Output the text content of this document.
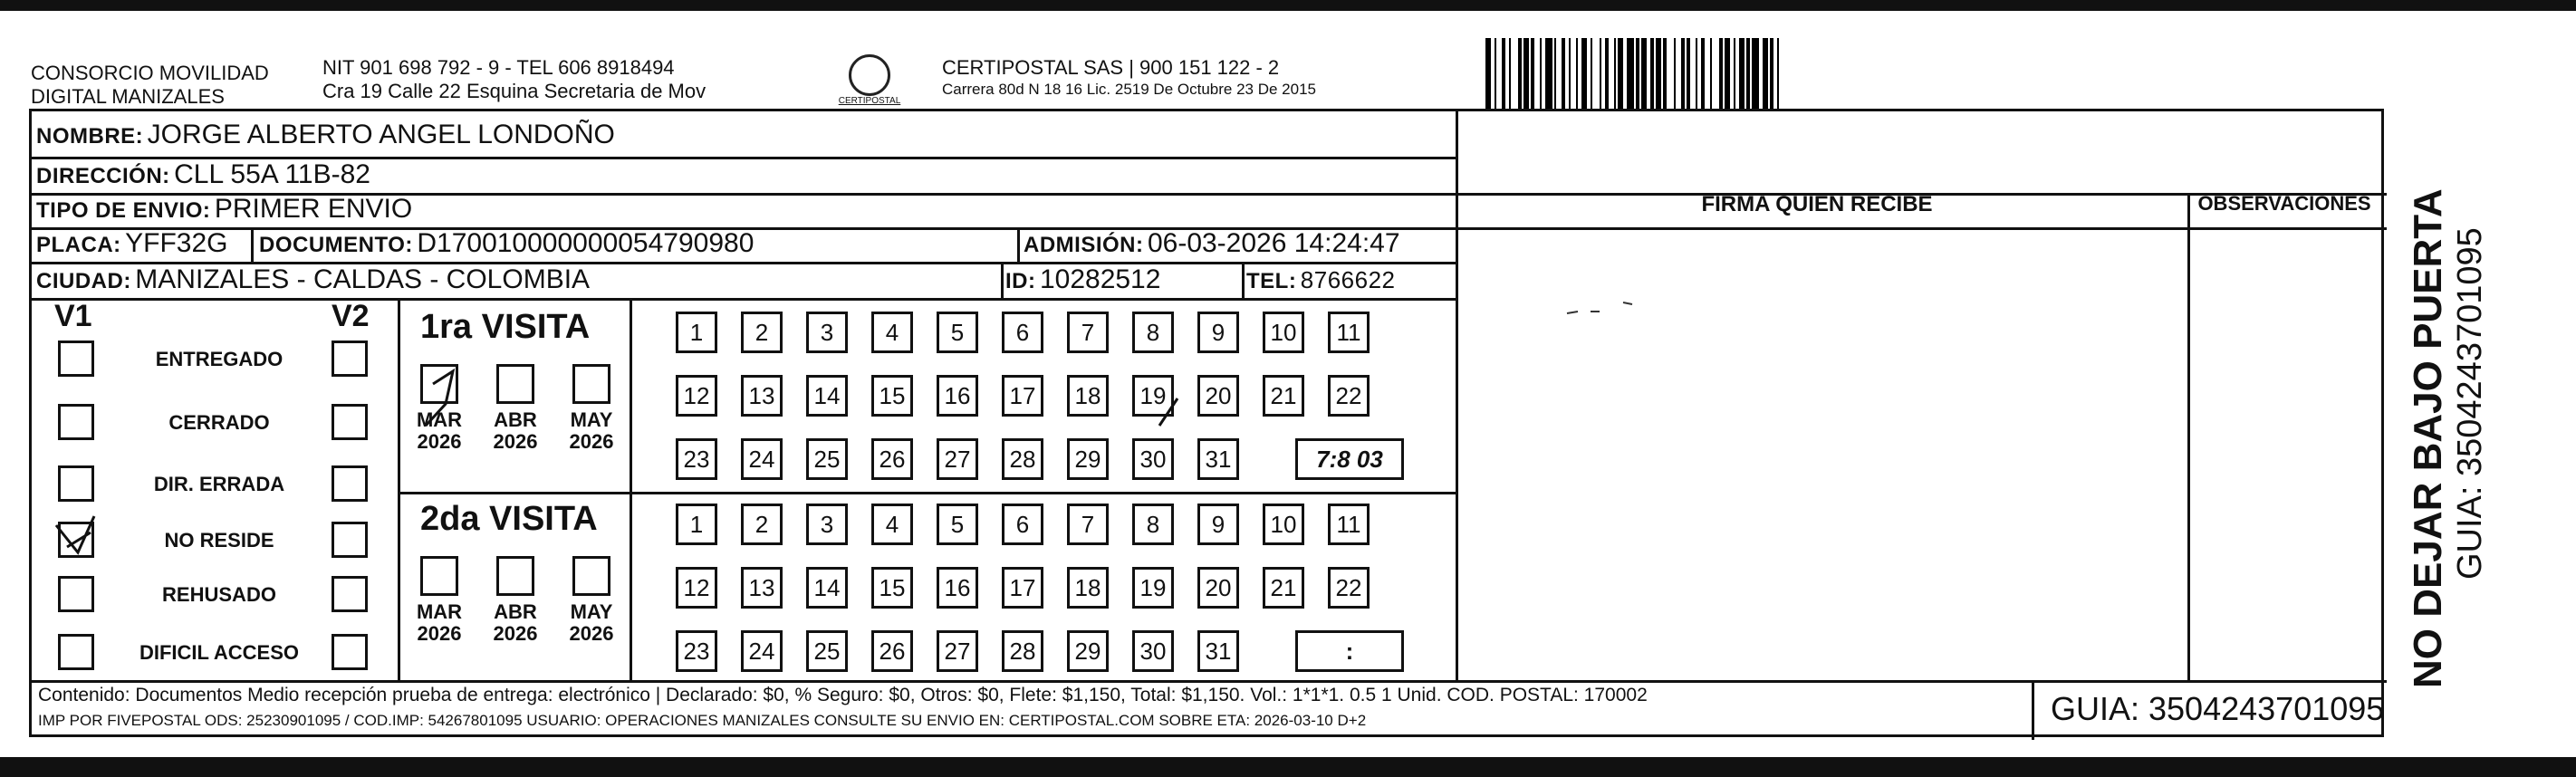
CONSORCIO MOVILIDAD
DIGITAL MANIZALES
NIT 901 698 792 - 9 - TEL 606 8918494
Cra 19 Calle 22 Esquina Secretaria de Mov	CERTIPOSTAL
CERTIPOSTAL SAS | 900 151 122 - 2
Carrera 80d N 18 16 Lic. 2519 De Octubre 23 De 2015
NOMBRE: JORGE ALBERTO ANGEL LONDOÑO
DIRECCIÓN: CLL 55A 11B-82
TIPO DE ENVIO: PRIMER ENVIO
PLACA: YFF32G DOCUMENTO: D170010000000054790980	ADMISIÓN: 06-03-2026 14:24:47
CIUDAD: MANIZALES - CALDAS - COLOMBIA	ID: 10282512	TEL: 8766622
FIRMA QUIEN RECIBE	OBSERVACIONES
V1	V2
ENTREGADO
CERRADO
DIR. ERRADA
NO RESIDE
REHUSADO
DIFICIL ACCESO
1ra VISITA
2da VISITA
MAR
2026
ABR
2026
MAY
2026
MAR
2026
ABR
2026
MAY
2026
1	2	3	4	5	6	7	8	9	10	11
12	13	14	15	16	17	18	19	20	21	22
23	24	25	26	27	28	29	30	31
1	2	3	4	5	6	7	8	9	10	11
12	13	14	15	16	17	18	19	20	21	22
23	24	25	26	27	28	29	30	31
7:8 03
:
Contenido: Documentos Medio recepción prueba de entrega: electrónico | Declarado: $0, % Seguro: $0, Otros: $0, Flete: $1,150, Total: $1,150. Vol.: 1*1*1. 0.5 1 Unid. COD. POSTAL: 170002
IMP POR FIVEPOSTAL ODS: 25230901095 / COD.IMP: 54267801095 USUARIO: OPERACIONES MANIZALES CONSULTE SU ENVIO EN: CERTIPOSTAL.COM SOBRE ETA: 2026-03-10 D+2	GUIA: 3504243701095
NO DEJAR BAJO PUERTA GUIA: 3504243701095
